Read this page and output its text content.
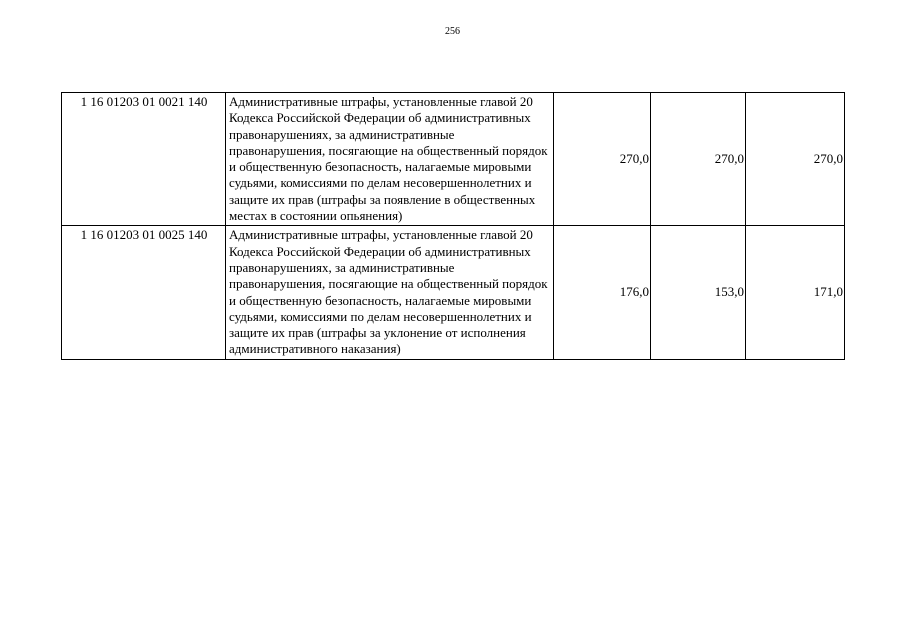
256
1 16 01203 01 0021 140	Административные штрафы, установленные главой 20 Кодекса Российской Федерации об административных правонарушениях, за административные правонарушения, посягающие на общественный порядок и общественную безопасность, налагаемые мировыми судьями, комиссиями по делам несовершеннолетних и защите их прав (штрафы за появление в общественных местах в состоянии опьянения)	270,0	270,0	270,0
1 16 01203 01 0025 140	Административные штрафы, установленные главой 20 Кодекса Российской Федерации об административных правонарушениях, за административные правонарушения, посягающие на общественный порядок и общественную безопасность, налагаемые мировыми судьями, комиссиями по делам несовершеннолетних и защите их прав (штрафы за уклонение от исполнения административного наказания)	176,0	153,0	171,0
